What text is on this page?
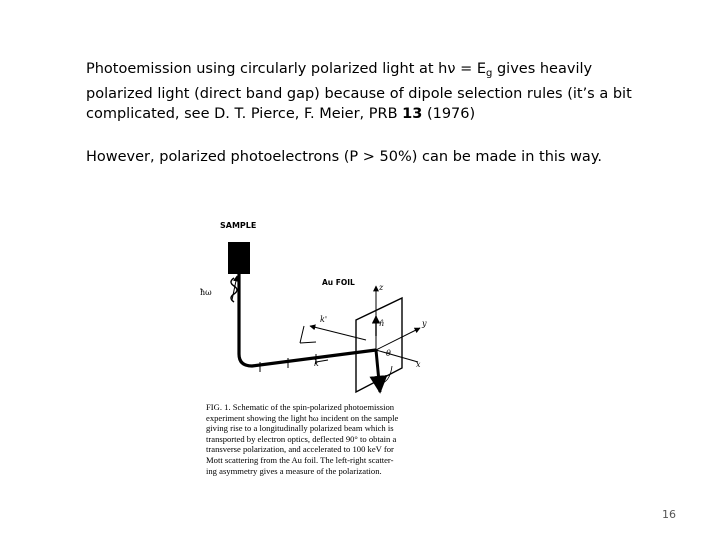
Photoemission using circularly polarized light at $h\nu = E_g$ gives heavily
polarized light (direct band gap) because of dipole selection rules (it’s a bit
complicated, see D. T. Pierce, F. Meier, PRB 13 (1976)
However, polarized photoelectrons (P > 50%) can be made in this way.
SAMPLE
ħω
Au FOIL
z
y
x
n̂
θ
k'
k
FIG. 1. Schematic of the spin-polarized photoemission
experiment showing the light ħω incident on the sample
giving rise to a longitudinally polarized beam which is
transported by electron optics, deflected 90° to obtain a
transverse polarization, and accelerated to 100 keV for
Mott scattering from the Au foil. The left-right scatter-
ing asymmetry gives a measure of the polarization.
16
